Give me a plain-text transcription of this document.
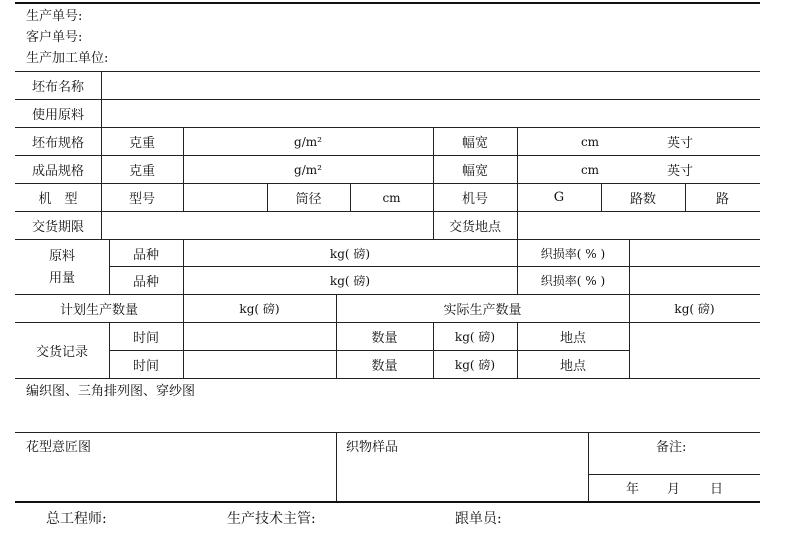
生产单号:
客户单号:
生产加工单位:
坯布名称
使用原料
坯布规格	克重	g/m²	幅宽	cm	英寸
成品规格	克重	g/m²	幅宽	cm	英寸
机　型	型号	筒径	cm	机号	G	路数	路
交货期限	交货地点
原料
用量
品种	kg( 磅)	织损率( % )
品种	kg( 磅)	织损率( % )
计划生产数量	kg( 磅)	实际生产数量	kg( 磅)
交货记录
时间	数量	kg( 磅)	地点
时间	数量	kg( 磅)	地点
编织图、三角排列图、穿纱图
花型意匠图	织物样品	备注:
年 月 日
总工程师:	生产技术主管:	跟单员:
